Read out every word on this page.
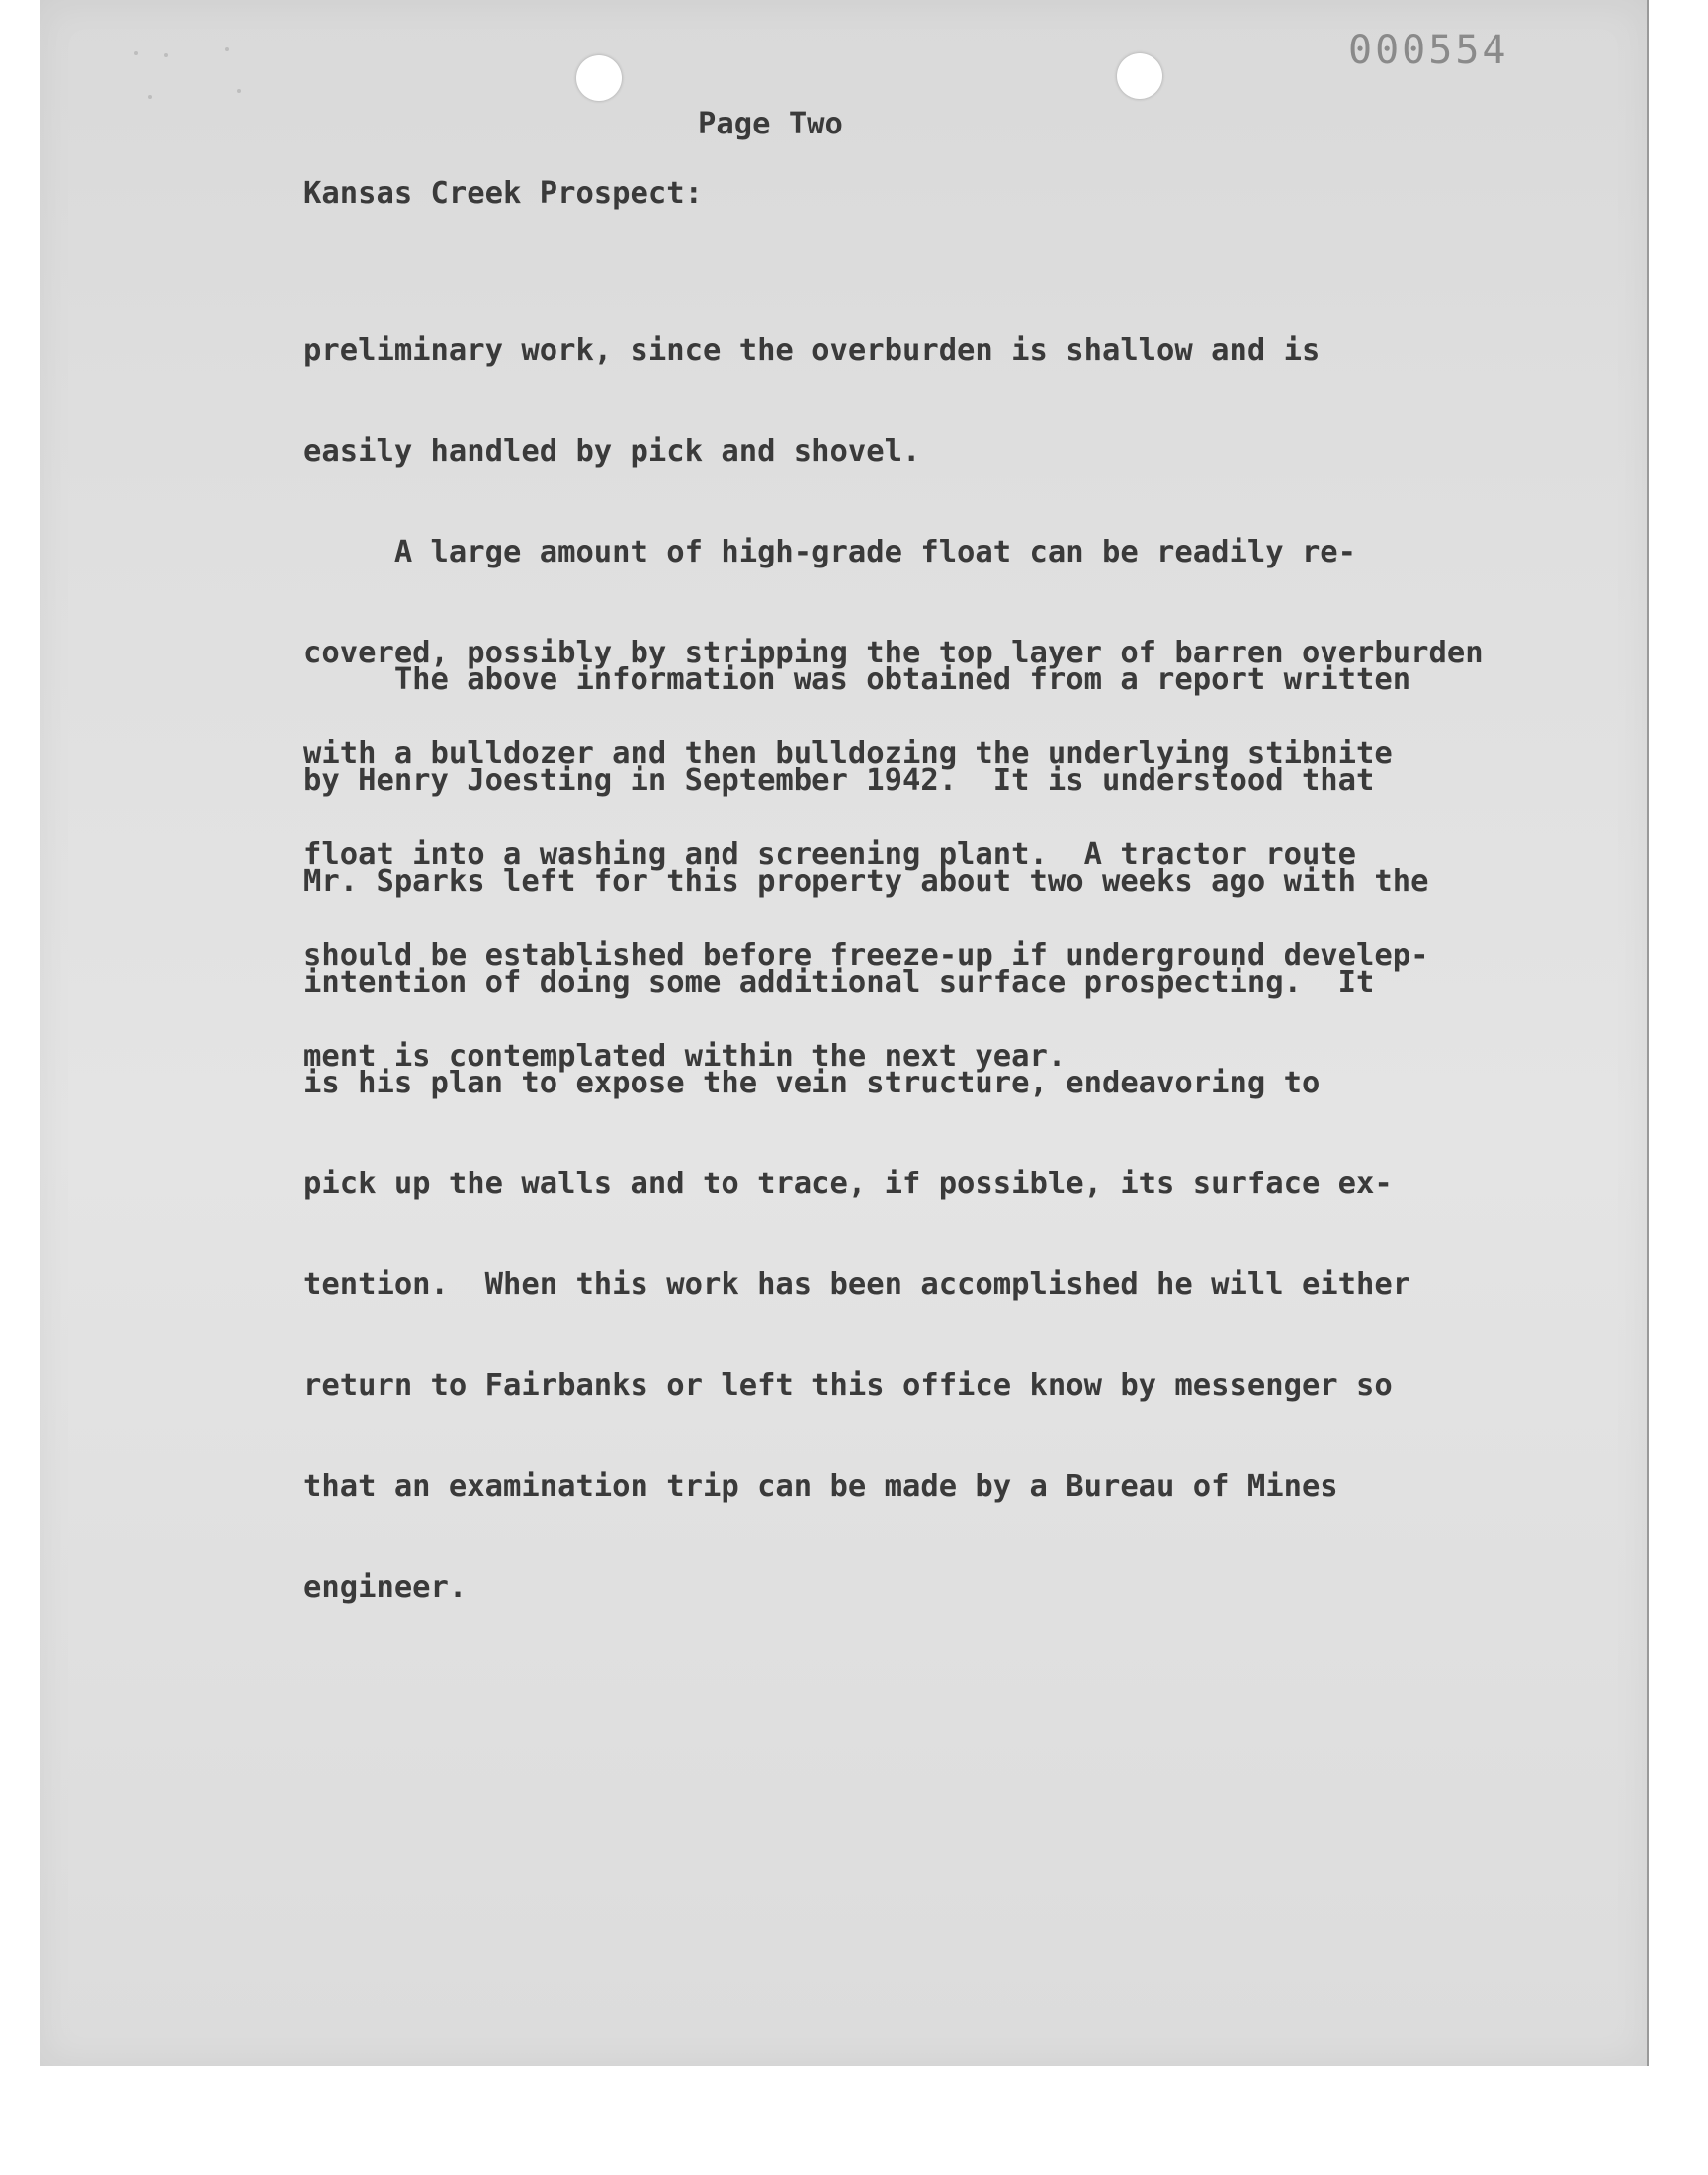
000554
Page Two
Kansas Creek Prospect:

preliminary work, since the overburden is shallow and is

easily handled by pick and shovel.

A large amount of high-grade float can be readily re-

covered, possibly by stripping the top layer of barren overburden

with a bulldozer and then bulldozing the underlying stibnite

float into a washing and screening plant.  A tractor route

should be established before freeze-up if underground develep-

ment is contemplated within the next year.

The above information was obtained from a report written

by Henry Joesting in September 1942.  It is understood that

Mr. Sparks left for this property about two weeks ago with the

intention of doing some additional surface prospecting.  It

is his plan to expose the vein structure, endeavoring to

pick up the walls and to trace, if possible, its surface ex-

tention.  When this work has been accomplished he will either

return to Fairbanks or left this office know by messenger so

that an examination trip can be made by a Bureau of Mines

engineer.
